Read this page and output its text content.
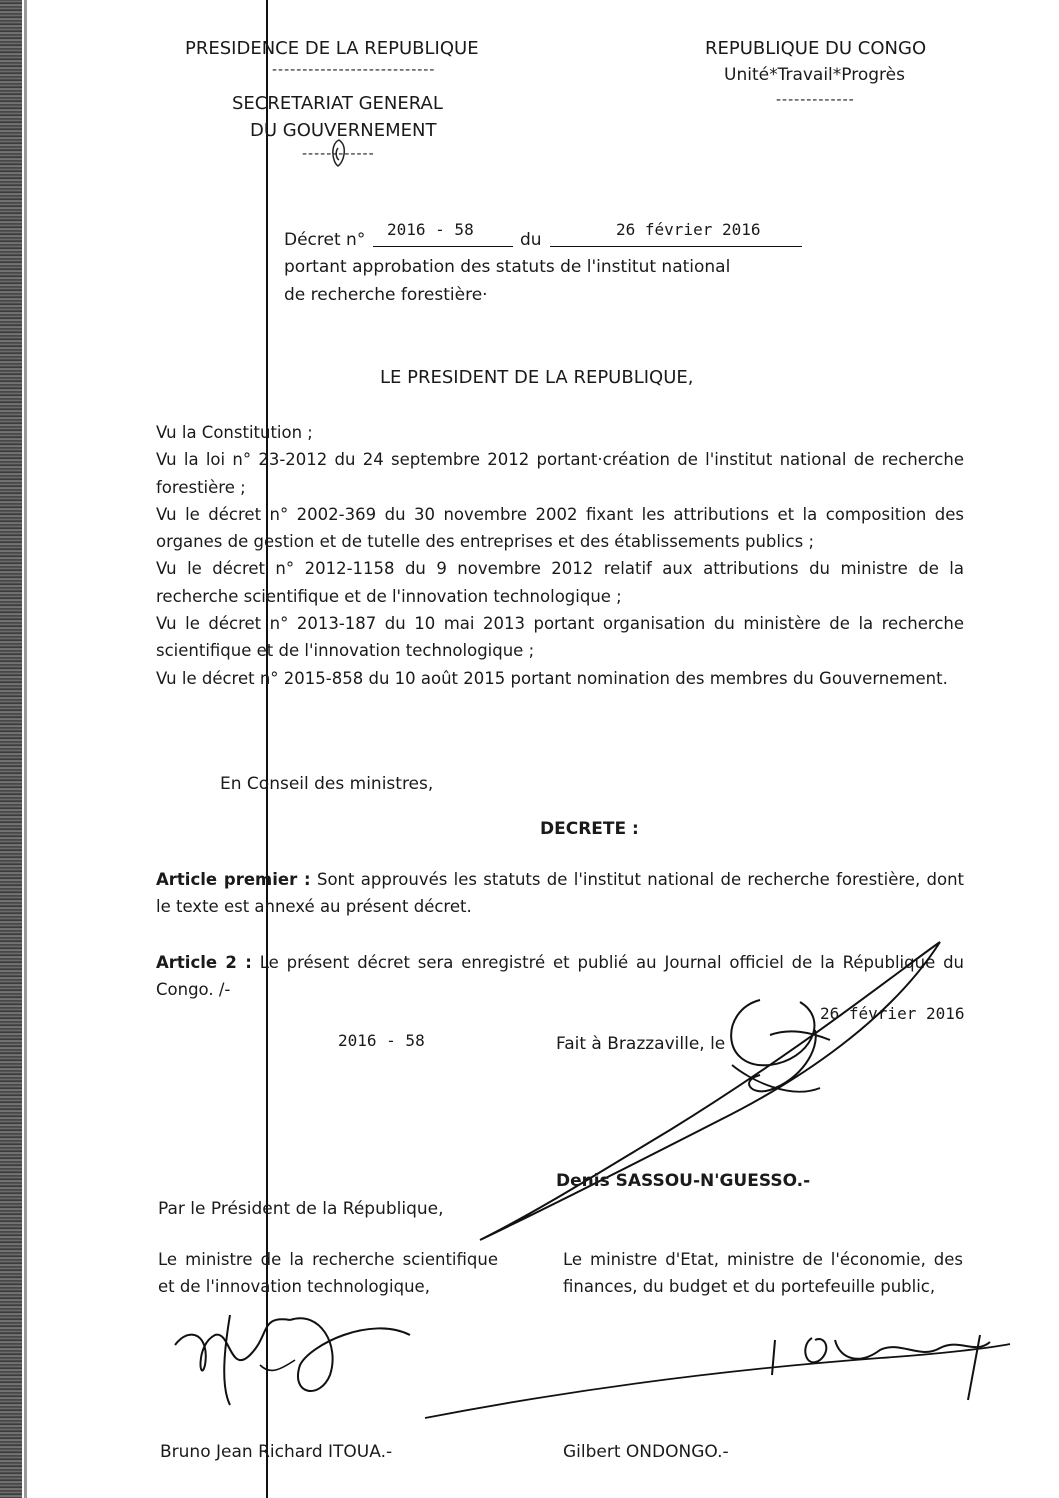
PRESIDENCE DE LA REPUBLIQUE
---------------------------
SECRETARIAT GENERAL
DU GOUVERNEMENT
------------
REPUBLIQUE DU CONGO
Unité*Travail*Progrès
-------------
Décret n°
2016 - 58
du
26 février 2016
portant approbation des statuts de l'institut national
de recherche forestière·
LE PRESIDENT DE LA REPUBLIQUE,
Vu la Constitution ;
Vu la loi n° 23-2012 du 24 septembre 2012 portant·création de l'institut national de recherche forestière ;
Vu le décret n° 2002-369 du 30 novembre 2002 fixant les attributions et la composition des organes de gestion et de tutelle des entreprises et des établissements publics ;
Vu le décret n° 2012-1158 du 9 novembre 2012 relatif aux attributions du ministre de la recherche scientifique et de l'innovation technologique ;
Vu le décret n° 2013-187 du 10 mai 2013 portant organisation du ministère de la recherche scientifique et de l'innovation technologique ;
Vu le décret n° 2015-858 du 10 août 2015 portant nomination des membres du Gouvernement.
En Conseil des ministres,
DECRETE :
Article premier : Sont approuvés les statuts de l'institut national de recherche forestière, dont le texte est annexé au présent décret.
Article 2 : Le présent décret sera enregistré et publié au Journal officiel de la République du Congo. /-
26 février 2016
2016 - 58	Fait à Brazzaville, le
Denis SASSOU-N'GUESSO.-
Par le Président de la République,
Le ministre de la recherche scientifique et de l'innovation technologique,
Le ministre d'Etat, ministre de l'économie, des finances, du budget et du portefeuille public,
Bruno Jean Richard ITOUA.-	Gilbert ONDONGO.-
